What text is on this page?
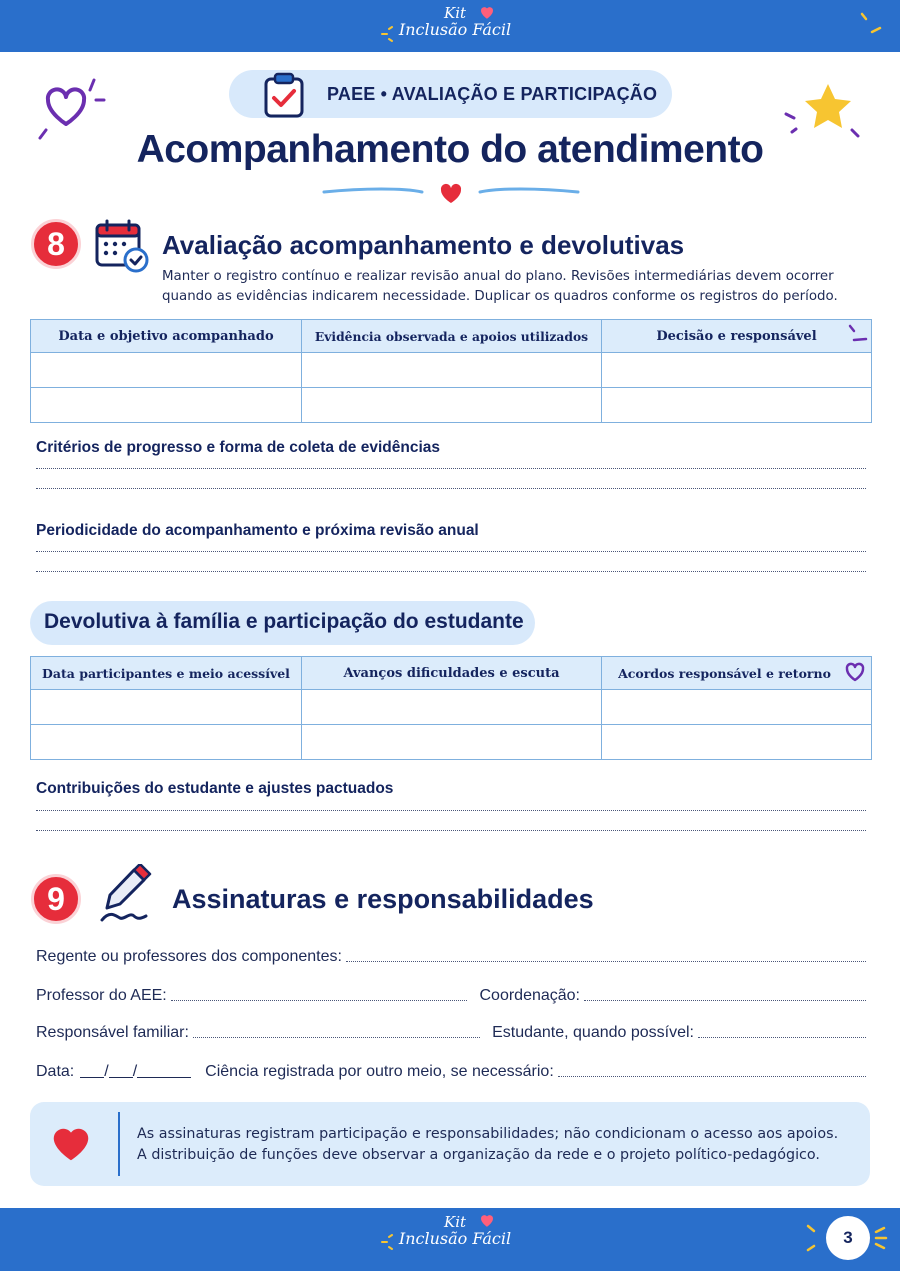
Kit
Inclusão Fácil
PAEE • AVALIAÇÃO E PARTICIPAÇÃO
Acompanhamento do atendimento
8	Avaliação acompanhamento e devolutivas
Manter o registro contínuo e realizar revisão anual do plano. Revisões intermediárias devem ocorrer quando as evidências indicarem necessidade. Duplicar os quadros conforme os registros do período.
Data e objetivo acompanhado	Evidência observada e apoios utilizados	Decisão e responsável

Critérios de progresso e forma de coleta de evidências
Periodicidade do acompanhamento e próxima revisão anual
Devolutiva à família e participação do estudante
Data participantes e meio acessível	Avanços dificuldades e escuta	Acordos responsável e retorno

Contribuições do estudante e ajustes pactuados
9	Assinaturas e responsabilidades
Regente ou professores dos componentes:
Professor do AEE:	Coordenação:
Responsável familiar:	Estudante, quando possível:
Data: / /	Ciência registrada por outro meio, se necessário:
As assinaturas registram participação e responsabilidades; não condicionam o acesso aos apoios.
A distribuição de funções deve observar a organização da rede e o projeto político-pedagógico.
Kit
Inclusão Fácil	3
